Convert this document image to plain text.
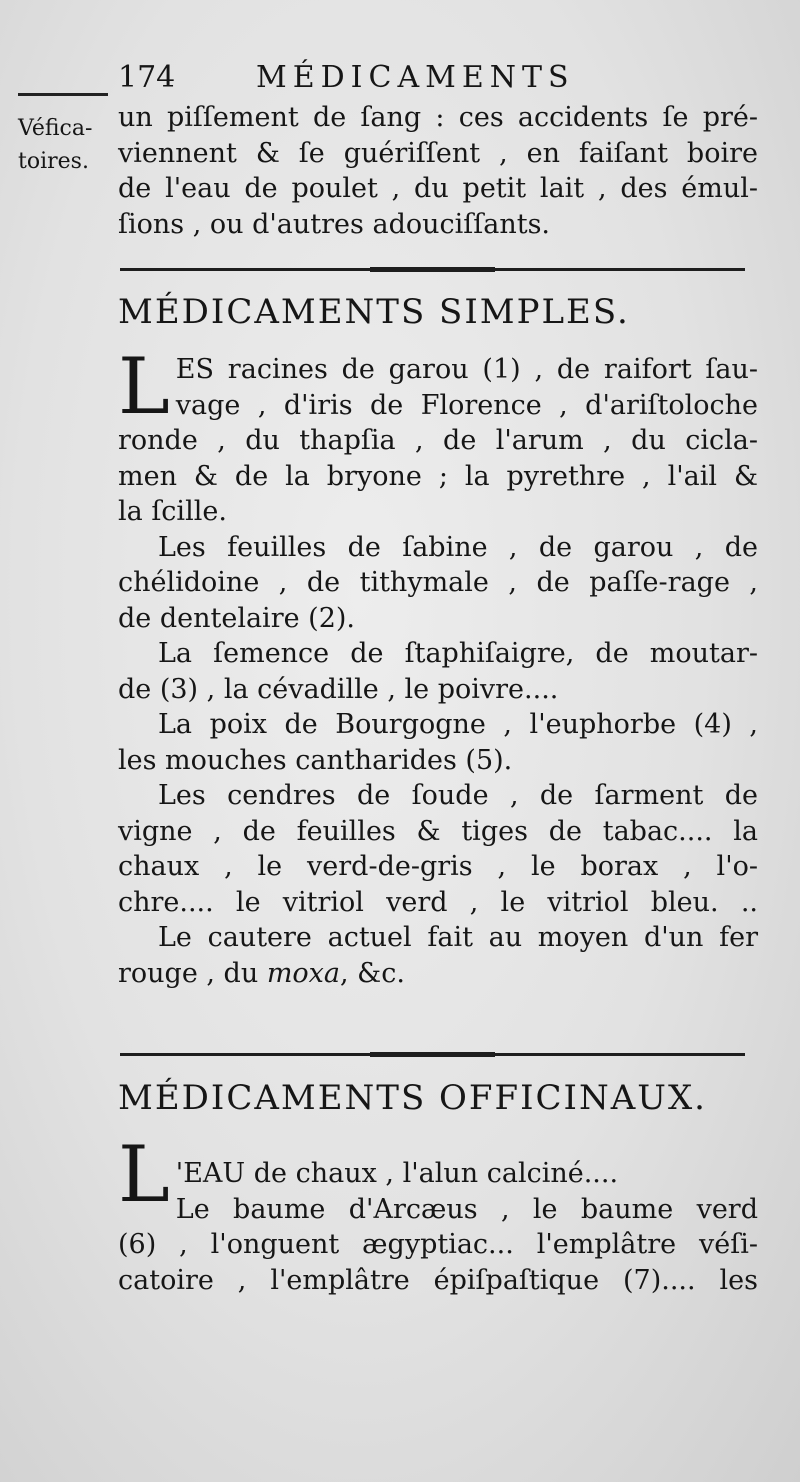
174	MÉDICAMENTS
Véfica-
toires.
un piſſement de ſang : ces accidents ſe pré-
viennent & ſe guériſſent , en faiſant boire
de l'eau de poulet , du petit lait , des émul-
ſions , ou d'autres adouciſſants.
MÉDICAMENTS SIMPLES.
L ES racines de garou (1) , de raifort ſau-
vage , d'iris de Florence , d'ariſtoloche
ronde , du thapſia , de l'arum , du cicla-
men & de la bryone ; la pyrethre , l'ail &
la ſcille.
Les feuilles de ſabine , de garou , de
chélidoine , de tithymale , de paſſe-rage ,
de dentelaire (2).
La ſemence de ſtaphiſaigre, de moutar-
de (3) , la cévadille , le poivre....
La poix de Bourgogne , l'euphorbe (4) ,
les mouches cantharides (5).
Les cendres de ſoude , de ſarment de
vigne , de feuilles & tiges de tabac.... la
chaux , le verd-de-gris , le borax , l'o-
chre.... le vitriol verd , le vitriol bleu. ..
Le cautere actuel fait au moyen d'un fer
rouge , du moxa, &c.
MÉDICAMENTS OFFICINAUX.
L 'EAU de chaux , l'alun calciné....
Le baume d'Arcæus , le baume verd
(6) , l'onguent ægyptiac... l'emplâtre véſi-
catoire , l'emplâtre épiſpaſtique (7).... les
